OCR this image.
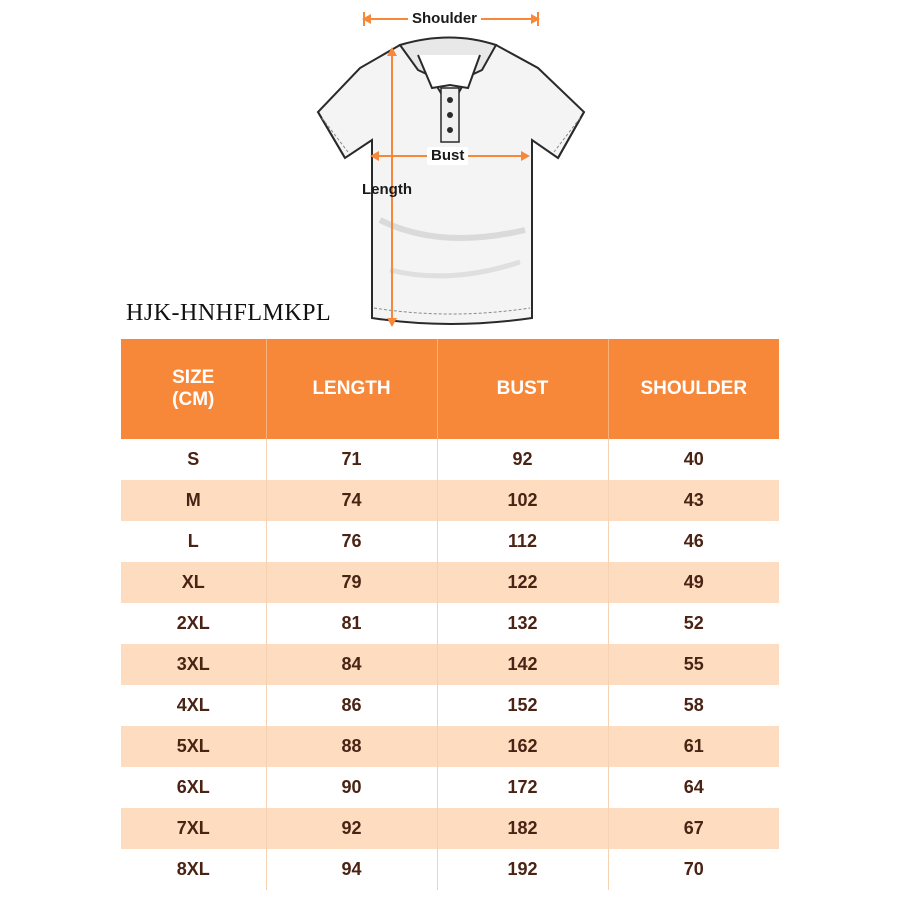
Shoulder
Bust
Length
HJK-HNHFLMKPL
SIZE
(CM)	LENGTH	BUST	SHOULDER
S	71	92	40
M	74	102	43
L	76	112	46
XL	79	122	49
2XL	81	132	52
3XL	84	142	55
4XL	86	152	58
5XL	88	162	61
6XL	90	172	64
7XL	92	182	67
8XL	94	192	70
